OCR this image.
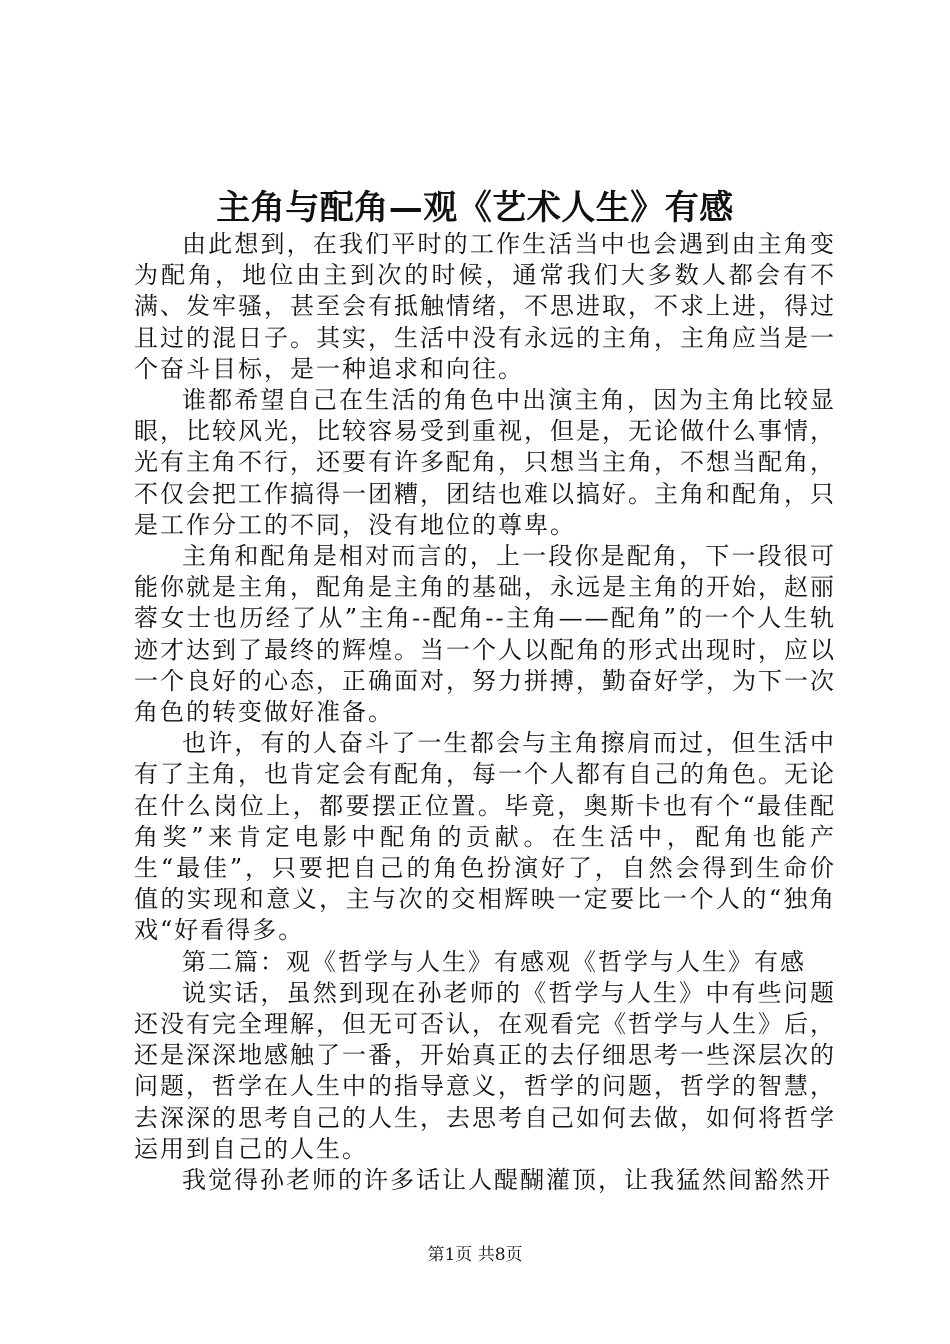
主角与配角—观《艺术人生》有感

由此想到，在我们平时的工作生活当中也会遇到由主角变为配角，地位由主到次的时候，通常我们大多数人都会有不满、发牢骚，甚至会有抵触情绪，不思进取，不求上进，得过且过的混日子。其实，生活中没有永远的主角，主角应当是一个奋斗目标，是一种追求和向往。

谁都希望自己在生活的角色中出演主角，因为主角比较显眼，比较风光，比较容易受到重视，但是，无论做什么事情，光有主角不行，还要有许多配角，只想当主角，不想当配角，不仅会把工作搞得一团糟，团结也难以搞好。主角和配角，只是工作分工的不同，没有地位的尊卑。

主角和配角是相对而言的，上一段你是配角，下一段很可能你就是主角，配角是主角的基础，永远是主角的开始，赵丽蓉女士也历经了从”主角--配角--主角——配角”的一个人生轨迹才达到了最终的辉煌。当一个人以配角的形式出现时，应以一个良好的心态，正确面对，努力拼搏，勤奋好学，为下一次角色的转变做好准备。

也许，有的人奋斗了一生都会与主角擦肩而过，但生活中有了主角，也肯定会有配角，每一个人都有自己的角色。无论在什么岗位上，都要摆正位置。毕竟，奥斯卡也有个“最佳配角奖”来肯定电影中配角的贡献。在生活中，配角也能产生“最佳”，只要把自己的角色扮演好了，自然会得到生命价值的实现和意义，主与次的交相辉映一定要比一个人的“独角戏“好看得多。

第二篇：观《哲学与人生》有感观《哲学与人生》有感

说实话，虽然到现在孙老师的《哲学与人生》中有些问题还没有完全理解，但无可否认，在观看完《哲学与人生》后，还是深深地感触了一番，开始真正的去仔细思考一些深层次的问题，哲学在人生中的指导意义，哲学的问题，哲学的智慧，去深深的思考自己的人生，去思考自己如何去做，如何将哲学运用到自己的人生。

我觉得孙老师的许多话让人醍醐灌顶，让我猛然间豁然开

第1页 共8页
